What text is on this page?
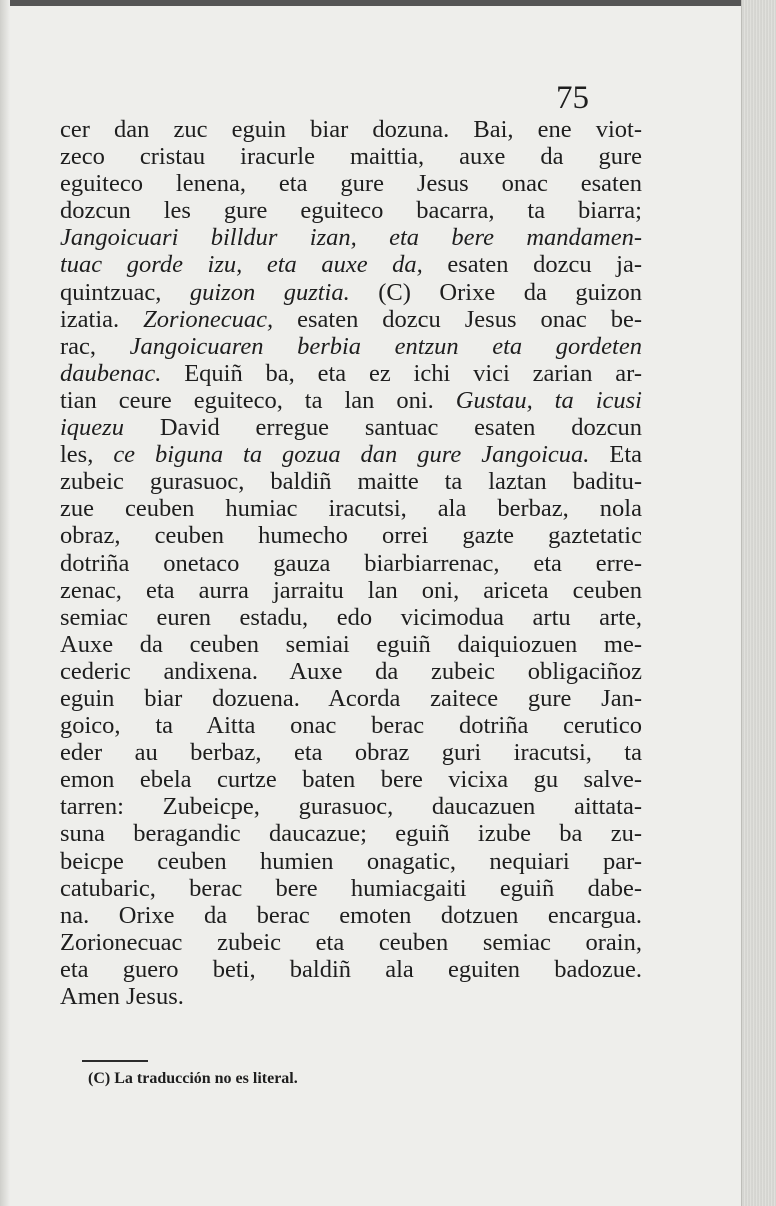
75
cer dan zuc eguin biar dozuna. Bai, ene viot-
zeco cristau iracurle maittia, auxe da gure
eguiteco lenena, eta gure Jesus onac esaten
dozcun les gure eguiteco bacarra, ta biarra;
Jangoicuari billdur izan, eta bere mandamen-
tuac gorde izu, eta auxe da, esaten dozcu ja-
quintzuac, guizon guztia. (C) Orixe da guizon
izatia. Zorionecuac, esaten dozcu Jesus onac be-
rac, Jangoicuaren berbia entzun eta gordeten
daubenac. Equiñ ba, eta ez ichi vici zarian ar-
tian ceure eguiteco, ta lan oni. Gustau, ta icusi
iquezu David erregue santuac esaten dozcun
les, ce biguna ta gozua dan gure Jangoicua. Eta
zubeic gurasuoc, baldiñ maitte ta laztan baditu-
zue ceuben humiac iracutsi, ala berbaz, nola
obraz, ceuben humecho orrei gazte gaztetatic
dotriña onetaco gauza biarbiarrenac, eta erre-
zenac, eta aurra jarraitu lan oni, ariceta ceuben
semiac euren estadu, edo vicimodua artu arte,
Auxe da ceuben semiai eguiñ daiquiozuen me-
cederic andixena. Auxe da zubeic obligaciñoz
eguin biar dozuena. Acorda zaitece gure Jan-
goico, ta Aitta onac berac dotriña cerutico
eder au berbaz, eta obraz guri iracutsi, ta
emon ebela curtze baten bere vicixa gu salve-
tarren: Zubeicpe, gurasuoc, daucazuen aittata-
suna beragandic daucazue; eguiñ izube ba zu-
beicpe ceuben humien onagatic, nequiari par-
catubaric, berac bere humiacgaiti eguiñ dabe-
na. Orixe da berac emoten dotzuen encargua.
Zorionecuac zubeic eta ceuben semiac orain,
eta guero beti, baldiñ ala eguiten badozue.
Amen Jesus.
(C) La traducción no es literal.
